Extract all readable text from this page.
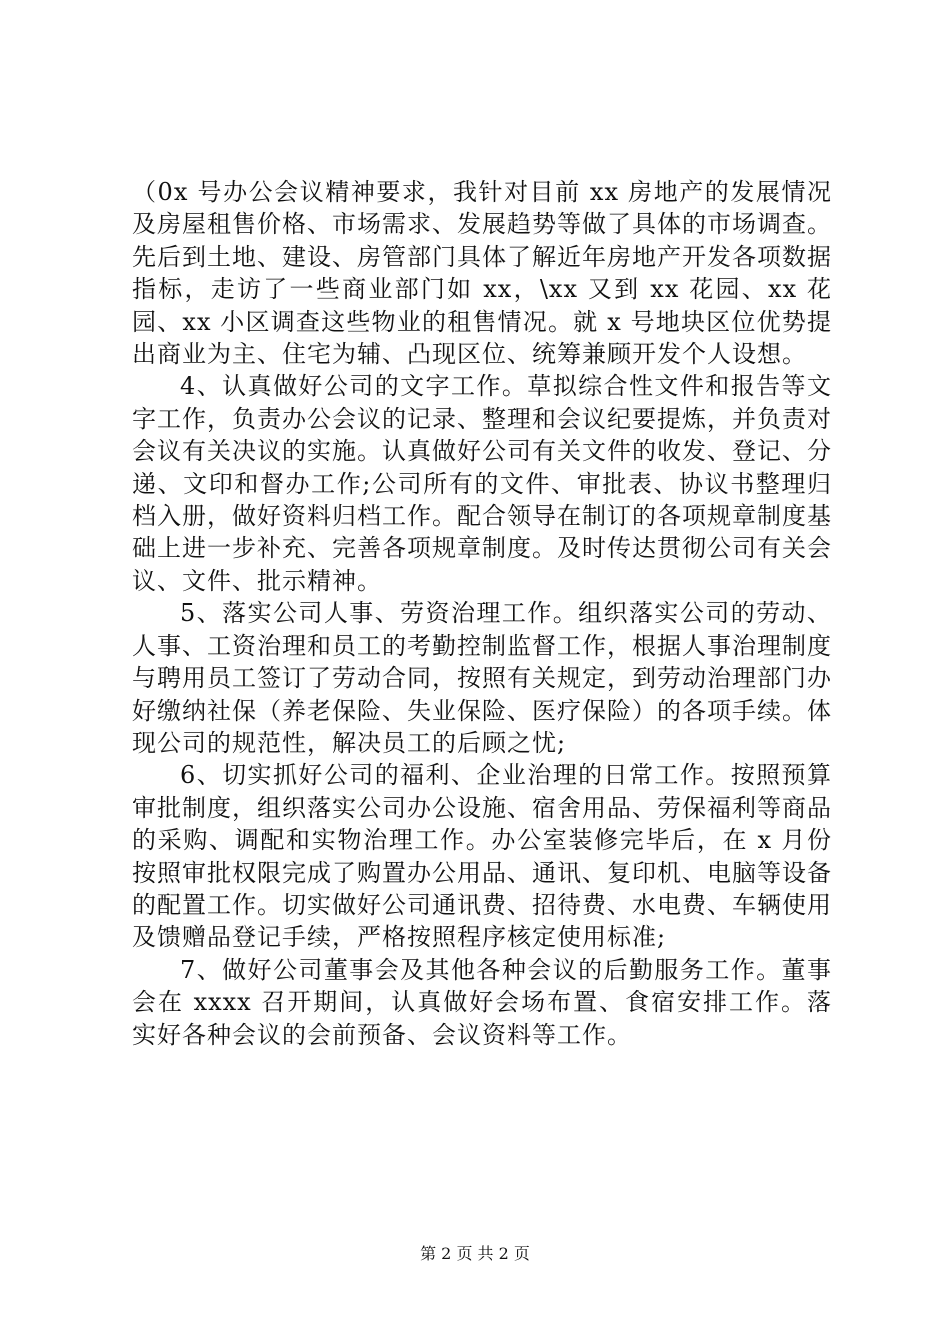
（0x 号办公会议精神要求，我针对目前 xx 房地产的发展情况及房屋租售价格、市场需求、发展趋势等做了具体的市场调查。先后到土地、建设、房管部门具体了解近年房地产开发各项数据指标，走访了一些商业部门如 xx，\xx 又到 xx 花园、xx 花园、xx 小区调查这些物业的租售情况。就 x 号地块区位优势提出商业为主、住宅为辅、凸现区位、统筹兼顾开发个人设想。

4、认真做好公司的文字工作。草拟综合性文件和报告等文字工作，负责办公会议的记录、整理和会议纪要提炼，并负责对会议有关决议的实施。认真做好公司有关文件的收发、登记、分递、文印和督办工作;公司所有的文件、审批表、协议书整理归档入册，做好资料归档工作。配合领导在制订的各项规章制度基础上进一步补充、完善各项规章制度。及时传达贯彻公司有关会议、文件、批示精神。

5、落实公司人事、劳资治理工作。组织落实公司的劳动、人事、工资治理和员工的考勤控制监督工作，根据人事治理制度与聘用员工签订了劳动合同，按照有关规定，到劳动治理部门办好缴纳社保（养老保险、失业保险、医疗保险）的各项手续。体现公司的规范性，解决员工的后顾之忧;

6、切实抓好公司的福利、企业治理的日常工作。按照预算审批制度，组织落实公司办公设施、宿舍用品、劳保福利等商品的采购、调配和实物治理工作。办公室装修完毕后，在 x 月份按照审批权限完成了购置办公用品、通讯、复印机、电脑等设备的配置工作。切实做好公司通讯费、招待费、水电费、车辆使用及馈赠品登记手续，严格按照程序核定使用标准;

7、做好公司董事会及其他各种会议的后勤服务工作。董事会在 xxxx 召开期间，认真做好会场布置、食宿安排工作。落实好各种会议的会前预备、会议资料等工作。

第 2 页 共 2 页
